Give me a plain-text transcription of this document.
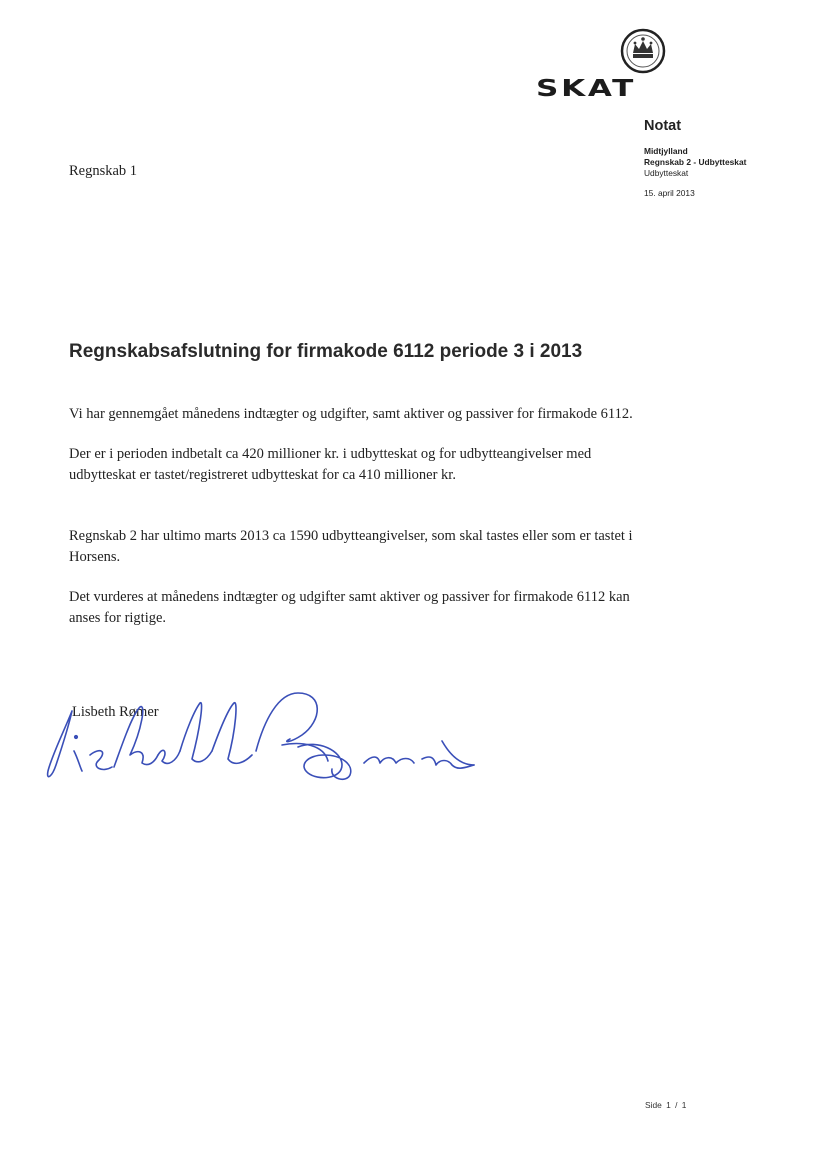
SKAT
Regnskab 1
Notat
Midtjylland
Regnskab 2 - Udbytteskat
Udbytteskat
15. april 2013
Regnskabsafslutning for firmakode 6112 periode 3 i 2013

Vi har gennemgået månedens indtægter og udgifter, samt aktiver og passiver for firmakode 6112.

Der er i perioden indbetalt ca 420 millioner kr. i udbytteskat og for udbytteangivelser med udbytteskat er tastet/registreret udbytteskat for ca 410 millioner kr.

Regnskab 2 har ultimo marts 2013 ca 1590 udbytteangivelser, som skal tastes eller som er tastet i Horsens.

Det vurderes at månedens indtægter og udgifter samt aktiver og passiver for firmakode 6112 kan anses for rigtige.

Lisbeth Rømer
Side 1 / 1
